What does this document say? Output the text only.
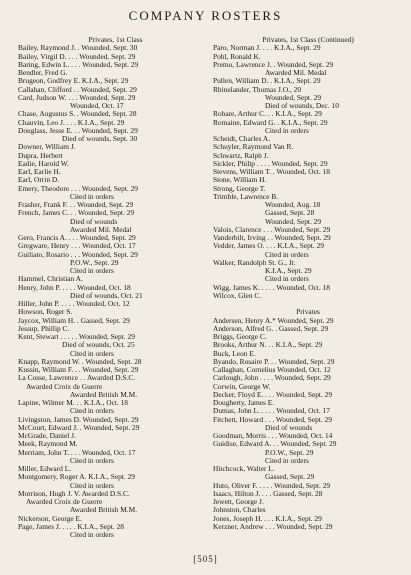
COMPANY ROSTERS
Privates, 1st Class
Bailey, Raymond J. . Wounded, Sept. 30
Bailey, Virgil D. . . . Wounded, Sept. 29
Baring, Edwin L. . . . Wounded, Sept. 29
Bendler, Fred G.
Brugeon, Godfrey E. K.I.A., Sept. 29
Callahan, Clifford . . Wounded, Sept. 29
Card, Judson W. . . . Wounded, Sept. 29
Wounded, Oct. 17
Chase, Augustus S. . Wounded, Sept. 28
Chauvin, Leo J. . . . K.I.A., Sept. 29
Douglass, Jesse E. . . Wounded, Sept. 29
Died of wounds, Sept. 30
Downer, William J.
Dupra, Herbert
Eadie, Harold W.
Earl, Earlie H.
Earl, Orrin D.
Emery, Theodore . . . Wounded, Sept. 29
Cited in orders
Frasher, Frank F. . . Wounded, Sept. 29
French, James C. . . Wounded, Sept. 29
Died of wounds
Awarded Mil. Medal
Gero, Francis A. . . . Wounded, Sept. 29
Gregware, Henry . . . Wounded, Oct. 17
Guiliato, Rosario . . . Wounded, Sept. 29
P.O.W., Sept. 29
Cited in orders
Hammel, Christian A.
Henry, John P. . . . . Wounded, Oct. 18
Died of wounds, Oct. 21
Hiller, John P. . . . . Wounded, Oct. 12
Howson, Roger S.
Jaycox, William H. . Gassed, Sept. 29
Jessup, Phillip C.
Kent, Stewart . . . . . Wounded, Sept. 29
Died of wounds, Oct. 25
Cited in orders
Knapp, Raymond W. . Wounded, Sept. 28
Kussin, William F. . . Wounded, Sept. 29
La Cosse, Lawrence . . Awarded D.S.C.
Awarded Croix de Guerre
Awarded British M.M.
Lapine, Wilmer M. . . K.I.A., Oct. 18
Cited in orders
Livingston, James D. Wounded, Sept. 29
McCourt, Edward J. . Wounded, Sept. 29
McGrade, Daniel J.
Meek, Raymond M.
Merriam, John T. . . . Wounded, Oct. 17
Cited in orders
Miller, Edward L.
Montgomery, Roger A. K.I.A., Sept. 29
Cited in orders
Morrison, Hugh J. V. Awarded D.S.C.
Awarded Croix de Guerre
Awarded British M.M.
Nickerson, George E.
Page, James J. . . . . K.I.A., Sept. 28
Cited in orders
Privates, 1st Class (Continued)
Paro, Norman J. . . . K.I.A., Sept. 29
Pohl, Ronald K.
Premo, Lawrence J. . Wounded, Sept. 29
Awarded Mil. Medal
Pullen, William D. . K.I.A., Sept. 29
Rhinelander, Thomas J.O., 20
Wounded, Sept. 29
Died of wounds, Dec. 10
Robare, Arthur C. . . K.I.A., Sept. 29
Romaine, Edward G. . K.I.A., Sept. 29
Cited in orders
Scheidt, Charles A.
Schuyler, Raymond Van R.
Schwartz, Ralph J.
Sickler, Philip . . . . Wounded, Sept. 29
Stevens, William T. . Wounded, Oct. 18
Stone, William H.
Strong, George T.
Trimble, Lawrence B.
Wounded, Aug. 18
Gassed, Sept. 28
Wounded, Sept. 29
Valois, Clarence . . . Wounded, Sept. 29
Vanderbilt, Irving . . Wounded, Sept. 29
Vedder, James O. . . . K.I.A., Sept. 29
Cited in orders
Walker, Randolph St. G., Jr.
K.I.A., Sept. 29
Cited in orders
Wigg, James K. . . . . Wounded, Oct. 18
Wilcox, Glen C.
Privates
Andersen, Henry A.* Wounded, Sept. 29
Anderson, Alfred G. . Gassed, Sept. 29
Briggs, George C.
Brooks, Arthur N. . . K.I.A., Sept. 29
Buck, Leon E.
Byando, Rosaire P. . . Wounded, Sept. 29
Callaghan, Cornelius Wounded, Oct. 12
Carlough, John . . . . Wounded, Sept. 29
Corwin, George W.
Decker, Floyd E. . . . Wounded, Sept. 29
Dougherty, James E.
Dumas, John L. . . . . Wounded, Oct. 17
Fitchett, Howard . . . Wounded, Sept. 29
Died of wounds
Goodman, Morris . . . Wounded, Oct. 14
Guidise, Edward A. . . Wounded, Sept. 29
P.O.W., Sept. 29
Cited in orders
Hitchcock, Walter L.
Gassed, Sept. 29
Huto, Oliver F. . . . . Wounded, Sept. 29
Isaacs, Hilton J. . . . Gassed, Sept. 28
Jewett, George J.
Johnston, Charles
Jones, Joseph H. . . . K.I.A., Sept. 29
Kerzner, Andrew . . . Wounded, Sept. 29
[505]
